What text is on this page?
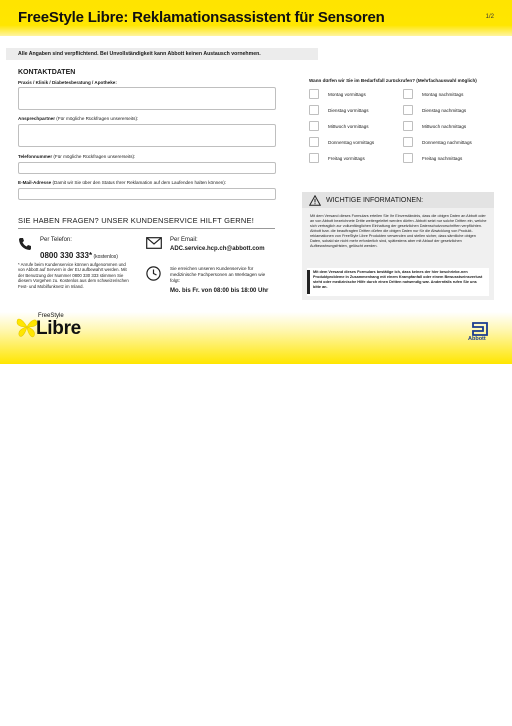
FreeStyle Libre: Reklamationsassistent für Sensoren	1/2
Alle Angaben sind verpflichtend. Bei Unvollständigkeit kann Abbott keinen Austausch vornehmen.
KONTAKTDATEN
Praxis / Klinik / Diabetesberatung / Apotheke:
Ansprechpartner (Für mögliche Rückfragen unsererseits):
Telefonnummer (Für mögliche Rückfragen unsererseits):
E-Mail-Adresse (Damit wir Sie über den Status Ihrer Reklamation auf dem Laufenden halten können):
Wann dürfen wir Sie im Bedarfsfall zurückrufen? (Mehrfachauswahl möglich)
Montag vormittags
Dienstag vormittags
Mittwoch vormittags
Donnerstag vormittags
Freitag vormittags
Montag nachmittags
Dienstag nachmittags
Mittwoch nachmittags
Donnerstag nachmittags
Freitag nachmittags
SIE HABEN FRAGEN? UNSER KUNDENSERVICE HILFT GERNE!
Per Telefon:
0800 330 333* (kostenlos)
* Anrufe beim Kundenservice können aufgenommen und von Abbott auf Servern in der EU aufbewahrt werden. Mit der Benutzung der Nummer 0800 330 333 stimmen Sie diesem Vorgehen zu. Kostenlos aus dem schweizerischen Fest- und Mobilfunknetz im Inland.
Per Email:
ADC.service.hcp.ch@abbott.com
Sie erreichen unseren Kundenservice für medizinische Fachpersonen an Werktagen wie folgt:
Mo. bis Fr. von 08:00 bis 18:00 Uhr
WICHTIGE INFORMATIONEN:
Mit dem Versand dieses Formulars erteilen Sie Ihr Einverständnis, dass die obigen Daten an Abbott oder an von Abbott bezeichnete Dritte weitergeleitet werden dürfen. Abbott setzt nur solche Dritten ein, welche sich vertraglich zur vollumfänglichen Einhaltung der gesetzlichen Datenschutzvorschriften verpflichten. Abbott bzw. die beauftragten Dritten dürfen die obigen Daten nur für die Abwicklung von Produkt-reklamationen von FreeStyle Libre Produkten verwenden und stellen sicher, dass sämtliche obigen Daten, sobald sie nicht mehr erforderlich sind, spätestens aber mit Ablauf der gesetzlichen Aufbewahrungsfristen, gelöscht werden.
Mit dem Versand dieses Formulars bestätige ich, dass keines der hier beschriebe-nen Produktprobleme in Zusammenhang mit einem Krampfanfall oder einem Bewusstseinsverlust steht oder medizinische Hilfe durch einen Dritten notwendig war. Andernfalls rufen Sie uns bitte an.
FreeStyle
Libre	Abbott
